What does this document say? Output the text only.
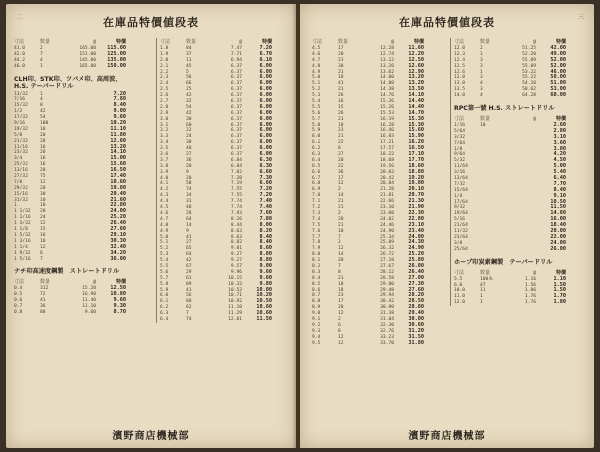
二	在庫品特價値段表
寸法	数量	@	特價
41.0	2	165.00	115.00
42.0	7	151.00	125.00
44.2	4	145.00	135.00
46.0	1	165.00	150.00
CLH印、STK印、ツバメ印、高周波、H.S. テーパードリル
13/32	1	7.20
7/16	4	7.80
15/32	8	8.40
1/2	42	9.00
17/32	54	9.60
9/16	100	10.20
19/32	18	11.10
5/8	20	11.80
21/32	28	12.60
11/16	16	13.20
23/32	20	14.10
3/4	16	15.00
25/32	16	15.60
13/16	20	16.50
27/32	75	17.40
7/8	12	18.60
29/32	28	19.80
15/16	30	20.40
31/32	10	21.60
1	18	22.80
1 1/32	28	24.00
1 1/16	24	25.20
1 3/32	12	26.40
1 1/8	15	27.60
1 5/32	16	29.10
1 3/16	10	30.30
1 1/4	12	32.40
1 9/32	6	34.20
1 5/16	7	36.00
ナチ印高速度鋼製　ストレートドリル
寸法	数量	@	特價
0.4	312	15.20	12.50
0.5	72	16.90	10.80
0.6	41	11.40	9.60
0.7	36	11.10	9.30
0.8	88	9.60	8.70
寸法	数量	@	特價
1.8	84	7.47	7.20
1.9	37	7.71	6.70
2.0	11	6.94	6.10
2.1	45	6.37	6.00
2.2	5	6.37	6.00
2.3	56	6.37	6.00
2.4	66	6.37	6.00
2.5	25	6.37	6.00
2.6	42	6.37	6.00
2.7	32	6.37	6.00
2.8	54	6.37	6.00
2.9	42	6.37	6.00
3.0	30	6.37	6.00
3.1	60	6.37	6.00
3.2	22	6.37	6.00
3.3	24	6.37	6.00
3.4	30	6.37	6.00
3.5	40	6.37	6.00
3.6	27	6.37	6.00
3.7	36	6.84	6.30
3.8	20	6.84	6.30
3.9	9	7.02	6.60
4.0	20	7.20	7.30
4.1	58	7.19	6.60
4.2	74	7.55	7.20
4.3	34	7.55	7.20
4.4	31	7.74	7.40
4.5	48	7.74	7.40
4.6	28	7.93	7.60
4.7	64	8.26	7.80
4.8	14	8.44	8.00
4.9	9	8.63	8.20
5.0	41	8.63	8.40
5.1	27	8.82	8.40
5.2	65	9.01	8.60
5.3	64	9.27	8.80
5.4	42	9.27	8.80
5.5	67	9.57	9.00
5.6	29	9.96	9.60
5.7	61	10.15	9.60
5.8	89	10.33	9.80
5.9	41	10.52	10.00
6.0	56	10.71	10.20
6.1	60	10.92	10.50
6.2	62	11.10	10.60
6.3	7	11.29	10.60
6.4	74	12.01	11.50
濱野商店機械部
三
在庫品特價値段表
寸法	数量	@	特價
4.5	17	12.28	11.60
4.6	20	12.74	12.20
4.7	21	13.12	12.50
4.8	30	13.26	12.60
4.9	21	13.62	12.90
5.0	18	14.00	13.20
5.1	41	14.00	13.20
5.2	21	14.38	13.50
5.3	26	14.76	14.10
5.4	16	15.26	14.40
5.5	15	15.26	14.40
5.6	26	15.53	14.70
5.7	21	16.19	15.30
5.8	10	16.28	15.30
5.9	23	16.46	15.60
6.0	21	16.83	15.90
6.1	22	17.21	16.20
6.2	8	17.57	16.50
6.3	27	18.22	17.10
6.4	20	18.68	17.70
6.5	22	19.56	18.60
6.6	36	20.03	18.80
6.7	17	20.42	19.20
6.8	12	20.84	19.80
6.9	2	21.28	20.10
7.0	14	21.81	20.70
7.1	21	22.66	21.30
7.2	21	23.10	21.90
7.3	2	23.60	22.30
7.4	20	24.02	22.80
7.5	21	24.46	23.10
7.6	18	24.90	23.40
7.7	7	25.34	24.00
7.8	2	25.89	24.30
7.9	12	26.32	24.90
8.0	14	26.72	25.20
8.1	20	27.18	25.80
8.2	7	27.67	26.00
8.3	8	28.12	26.40
8.4	21	28.58	27.00
8.5	18	29.00	27.30
8.6	18	29.48	27.60
8.7	23	29.94	28.20
8.8	17	30.42	28.50
8.9	20	30.90	28.80
9.0	12	31.38	29.40
9.1	2	31.84	30.00
9.2	6	32.30	30.60
9.3	8	32.76	31.20
9.4	12	33.23	31.50
9.5	12	33.70	31.80
寸法	数量	@	特價
12.0	2	51.25	42.00
12.3	1	52.20	49.00
12.4	3	55.09	52.00
12.5	3	55.09	52.00
12.6	1	53.22	46.00
12.8	3	55.22	50.00
13.0	4	54.10	51.00
13.5	3	58.62	53.00
14.0	4	64.28	60.00
RPC第一號 H.S. ストレートドリル
寸法	数量	@	特價
1/16	10	2.60
5/64	2.80
3/32	3.10
7/64	3.60
1/8	3.80
9/64	4.20
5/32	4.50
11/64	5.00
3/16	5.40
13/64	6.40
7/32	7.70
15/64	8.40
1/4	9.10
17/64	10.50
9/32	11.50
19/64	14.80
5/16	16.00
21/64	18.40
11/32	20.00
23/64	22.00
3/8	24.00
25/64	26.00
ホープ印炭素鋼製　テーパードリル
寸法	数量	@	特價
5.5	100本	1.16	1.10
6.0	47	1.56	1.50
10.0	11	1.86	1.50
11.0	1	1.76	1.70
12.0	1	1.76	1.80
濱野商店機械部
